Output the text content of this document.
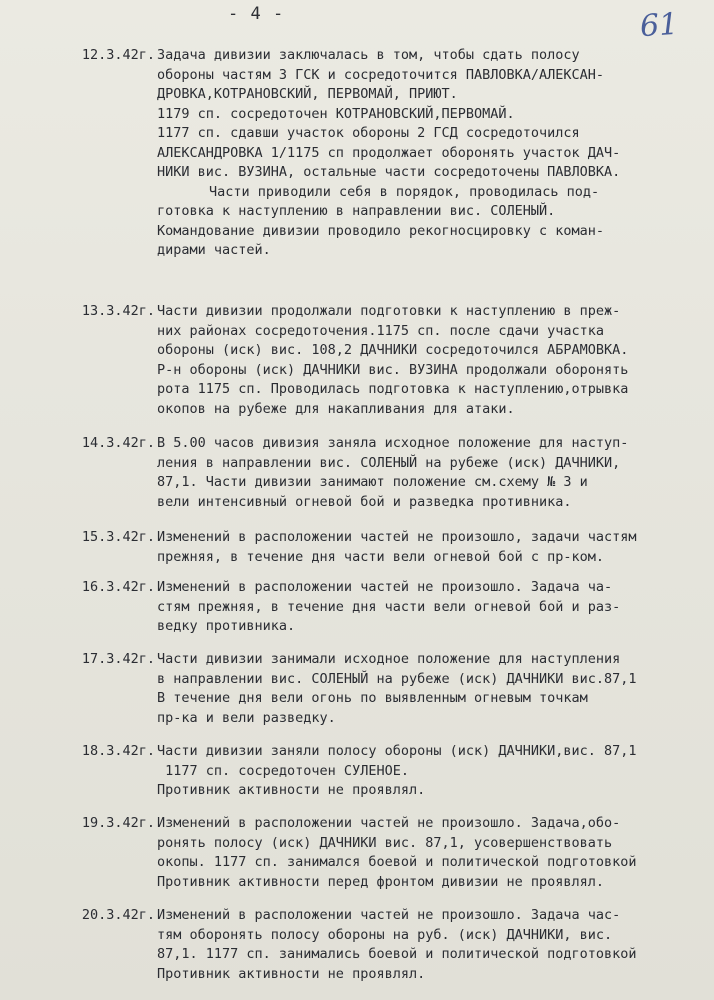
- 4 -	61
12.3.42г. Задача дивизии заключалась в том, чтобы сдать полосу
обороны частям 3 ГСК и сосредоточится ПАВЛОВКА/АЛЕКСАН-
ДРОВКА,КОТРАНОВСКИЙ, ПЕРВОМАЙ, ПРИЮТ.
1179 сп. сосредоточен КОТРАНОВСКИЙ,ПЕРВОМАЙ.
1177 сп. сдавши участок обороны 2 ГСД сосредоточился
АЛЕКСАНДРОВКА 1/1175 сп продолжает оборонять участок ДАЧ-
НИКИ вис. ВУЗИНА, остальные части сосредоточены ПАВЛОВКА.
Части приводили себя в порядок, проводилась под-
готовка к наступлению в направлении вис. СОЛЕНЫЙ.
Командование дивизии проводило рекогносцировку с коман-
дирами частей.
13.3.42г. Части дивизии продолжали подготовки к наступлению в преж-
них районах сосредоточения.1175 сп. после сдачи участка
обороны (иск) вис. 108,2 ДАЧНИКИ сосредоточился АБРАМОВКА.
Р-н обороны (иск) ДАЧНИКИ вис. ВУЗИНА продолжали оборонять
рота 1175 сп. Проводилась подготовка к наступлению,отрывка
окопов на рубеже для накапливания для атаки.
14.3.42г. В 5.00 часов дивизия заняла исходное положение для наступ-
ления в направлении вис. СОЛЕНЫЙ на рубеже (иск) ДАЧНИКИ,
87,1. Части дивизии занимают положение см.схему № 3 и
вели интенсивный огневой бой и разведка противника.
15.3.42г. Изменений в расположении частей не произошло, задачи частям
прежняя, в течение дня части вели огневой бой с пр-ком.
16.3.42г. Изменений в расположении частей не произошло. Задача ча-
стям прежняя, в течение дня части вели огневой бой и раз-
ведку противника.
17.3.42г. Части дивизии занимали исходное положение для наступления
в направлении вис. СОЛЕНЫЙ на рубеже (иск) ДАЧНИКИ вис.87,1
В течение дня вели огонь по выявленным огневым точкам
пр-ка и вели разведку.
18.3.42г. Части дивизии заняли полосу обороны (иск) ДАЧНИКИ,вис. 87,1
1177 сп. сосредоточен СУЛЕНОЕ.
Противник активности не проявлял.
19.3.42г. Изменений в расположении частей не произошло. Задача,обо-
ронять полосу (иск) ДАЧНИКИ вис. 87,1, усовершенствовать
окопы. 1177 сп. занимался боевой и политической подготовкой
Противник активности перед фронтом дивизии не проявлял.
20.3.42г. Изменений в расположении частей не произошло. Задача час-
тям оборонять полосу обороны на руб. (иск) ДАЧНИКИ, вис.
87,1. 1177 сп. занимались боевой и политической подготовкой
Противник активности не проявлял.
